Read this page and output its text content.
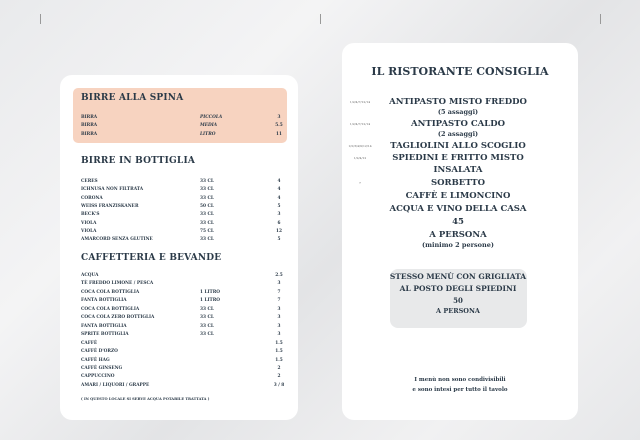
BIRRE ALLA SPINA
BIRRA	PICCOLA	3
BIRRA	MEDIA	5.5
BIRRA	LITRO	11
BIRRE IN BOTTIGLIA
CERES	33 CL	4
ICHNUSA NON FILTRATA	33 CL	4
CORONA	33 CL	4
WEISS FRANZISKANER	50 CL	5
BECK'S	33 CL	3
VIOLA	33 CL	6
VIOLA	75 CL	12
AMARCORD SENZA GLUTINE	33 CL	5
CAFFETTERIA E BEVANDE
ACQUA	2.5
TÈ FREDDO LIMONE / PESCA	3
COCA COLA BOTTIGLIA	1 LITRO	7
FANTA BOTTIGLIA	1 LITRO	7
COCA COLA BOTTIGLIA	33 CL	3
COCA COLA ZERO BOTTIGLIA	33 CL	3
FANTA BOTTIGLIA	33 CL	3
SPRITE BOTTIGLIA	33 CL	3
CAFFÈ	1.5
CAFFÈ D'ORZO	1.5
CAFFÈ HAG	1.5
CAFFÈ GINSENG	2
CAPPUCCINO	2
AMARI / LIQUORI / GRAPPE	3 / 8
( IN QUESTO LOCALE SI SERVE ACQUA POTABILE TRATTATA )
IL RISTORANTE CONSIGLIA
ANTIPASTO MISTO FREDDO
1/2/4/7/12/14
(5 assaggi)
ANTIPASTO CALDO
1/2/4/7/12/14
(2 assaggi)
TAGLIOLINI ALLO SCOGLIO
1/2/3/4/9/12/14
SPIEDINI E FRITTO MISTO
1/2/4/12
INSALATA
SORBETTO
7
CAFFÈ E LIMONCINO
ACQUA E VINO DELLA CASA
45
A PERSONA
(minimo 2 persone)
STESSO MENÙ CON GRIGLIATA
AL POSTO DEGLI SPIEDINI
50
A PERSONA
I menù non sono condivisibili
e sono intesi per tutto il tavolo
